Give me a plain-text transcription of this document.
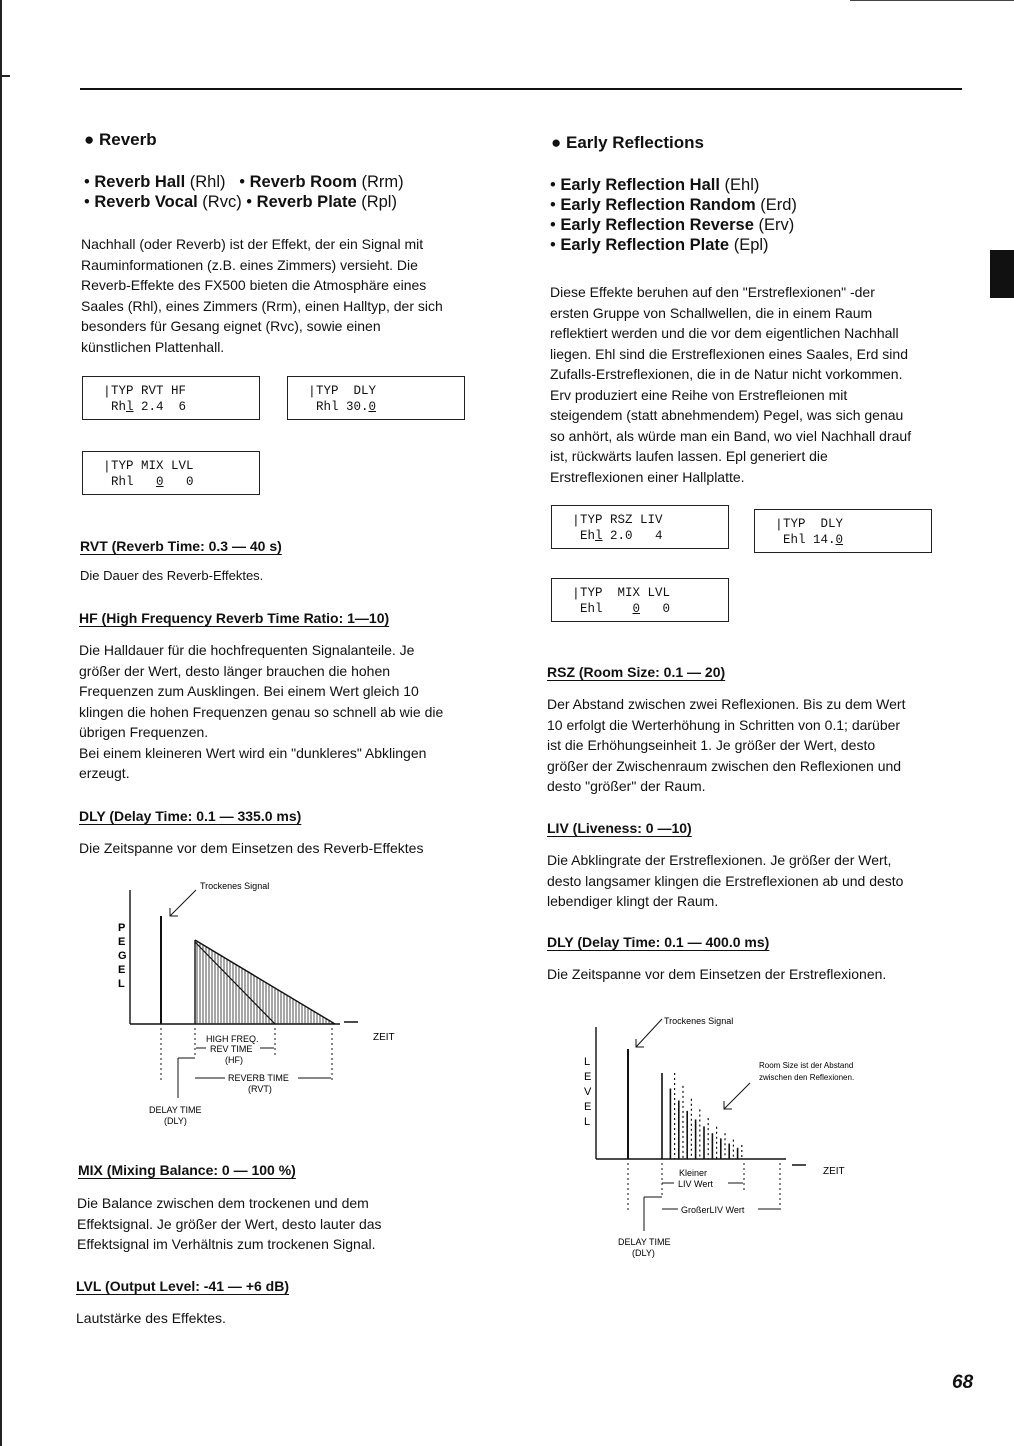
● Reverb
• Reverb Hall (Rhl)   • Reverb Room (Rrm)
• Reverb Vocal (Rvc) • Reverb Plate (Rpl)
Nachhall (oder Reverb) ist der Effekt, der ein Signal mit
Rauminformationen (z.B. eines Zimmers) versieht. Die
Reverb-Effekte des FX500 bieten die Atmosphäre eines
Saales (Rhl), eines Zimmers (Rrm), einen Halltyp, der sich
besonders für Gesang eignet (Rvc), sowie einen
künstlichen Plattenhall.
| TYP RVT HF
Rhl 2.4  6
| TYP  DLY
Rhl 30.0
| TYP MIX LVL
Rhl   0   0
RVT (Reverb Time: 0.3 — 40 s)
Die Dauer des Reverb-Effektes.
HF (High Frequency Reverb Time Ratio: 1—10)
Die Halldauer für die hochfrequenten Signalanteile. Je
größer der Wert, desto länger brauchen die hohen
Frequenzen zum Ausklingen. Bei einem Wert gleich 10
klingen die hohen Frequenzen genau so schnell ab wie die
übrigen Frequenzen.
Bei einem kleineren Wert wird ein "dunkleres" Abklingen
erzeugt.
DLY (Delay Time: 0.1 — 335.0 ms)
Die Zeitspanne vor dem Einsetzen des Reverb-Effektes
Trockenes Signal
P
E
G
E
L
ZEIT
HIGH FREQ.
REV TIME
(HF)
REVERB TIME
(RVT)
DELAY TIME
(DLY)
MIX (Mixing Balance: 0 — 100 %)
Die Balance zwischen dem trockenen und dem
Effektsignal. Je größer der Wert, desto lauter das
Effektsignal im Verhältnis zum trockenen Signal.
LVL (Output Level: -41 — +6 dB)
Lautstärke des Effektes.
● Early Reflections
• Early Reflection Hall (Ehl)
• Early Reflection Random (Erd)
• Early Reflection Reverse (Erv)
• Early Reflection Plate (Epl)
Diese Effekte beruhen auf den "Erstreflexionen" -der
ersten Gruppe von Schallwellen, die in einem Raum
reflektiert werden und die vor dem eigentlichen Nachhall
liegen. Ehl sind die Erstreflexionen eines Saales, Erd sind
Zufalls-Erstreflexionen, die in de Natur nicht vorkommen.
Erv produziert eine Reihe von Erstrefleionen mit
steigendem (statt abnehmendem) Pegel, was sich genau
so anhört, als würde man ein Band, wo viel Nachhall drauf
ist, rückwärts laufen lassen. Epl generiert die
Erstreflexionen einer Hallplatte.
| TYP RSZ LIV
Ehl 2.0   4
| TYP  DLY
Ehl 14.0
| TYP  MIX LVL
Ehl    0   0
RSZ (Room Size: 0.1 — 20)
Der Abstand zwischen zwei Reflexionen. Bis zu dem Wert
10 erfolgt die Werterhöhung in Schritten von 0.1; darüber
ist die Erhöhungseinheit 1. Je größer der Wert, desto
größer der Zwischenraum zwischen den Reflexionen und
desto "größer" der Raum.
LIV (Liveness: 0 —10)
Die Abklingrate der Erstreflexionen. Je größer der Wert,
desto langsamer klingen die Erstreflexionen ab und desto
lebendiger klingt der Raum.
DLY (Delay Time: 0.1 — 400.0 ms)
Die Zeitspanne vor dem Einsetzen der Erstreflexionen.
Trockenes Signal
L
E
V
E
L
Room Size ist der Abstand
zwischen den Reflexionen.
ZEIT
Kleiner
LIV Wert
GroßerLIV Wert
DELAY TIME
(DLY)
68
